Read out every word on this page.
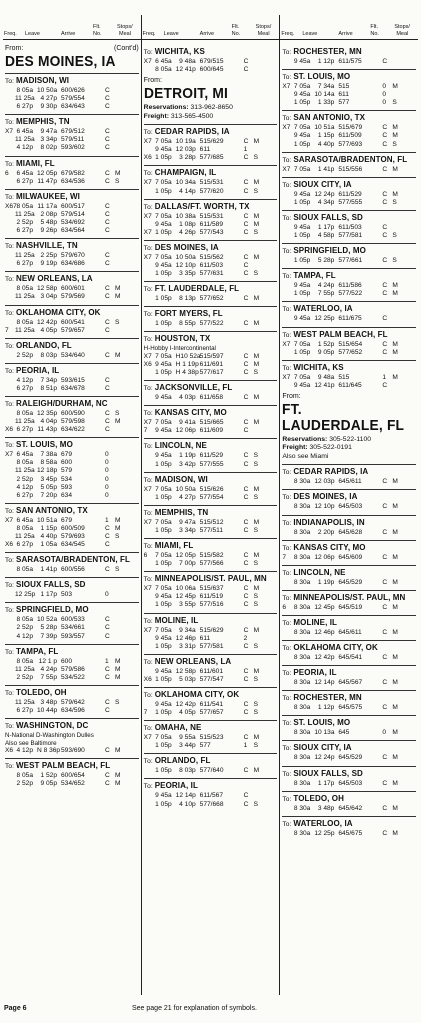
Freq. Leave	Arrive
Flt.
No.
Stops/
Meal
From:	(Cont'd)
DES MOINES, IA
To: MADISON, WI
8 05a 10 50a 600/626	C
11 25a 4 27p 579/554	C
6 27p	9 30p 634/643	C
To: MEMPHIS, TN
X7 6 45a	9 47a 679/512	C
11 25a 3 34p 579/511	C
4 12p	8 02p 593/602	C
To: MIAMI, FL
6 6 45a 12 05p 679/582	C M
6 27p 11 47p 634/536	C S
To: MILWAUKEE, WI
X67 8 05a 11 17a 600/517	C
11 25a 2 08p 579/514	C
2 52p	5 48p 534/692	C
6 27p	9 26p 634/564	C
To: NASHVILLE, TN
11 25a 2 25p 579/670	C
6 27p	9 19p 634/686	C
To: NEW ORLEANS, LA
8 05a 12 58p 600/601	C M
11 25a 3 04p 579/569	C M
To: OKLAHOMA CITY, OK
8 05a 12 42p 600/541	C S
7 11 25a 4 05p 579/657	C
To: ORLANDO, FL
2 52p	8 03p 534/640	C M
To: PEORIA, IL
4 12p	7 34p 593/615	C
6 27p	8 51p 634/678	C
To: RALEIGH/DURHAM, NC
8 05a 12 35p 600/590	C S
11 25a 4 04p 579/598	C M
X6 6 27p 11 43p 634/622	C
To: ST. LOUIS, MO
X7 6 45a	7 38a 679	0
8 05a	8 58a 600	0
11 25a 12 18p 579	0
2 52p	3 45p 534	0
4 12p	5 05p 593	0
6 27p	7 20p 634	0
To: SAN ANTONIO, TX
X7 6 45a 10 51a 679	1 M
8 05a	1 15p 600/509	C M
11 25a 4 40p 579/693	C S
X6 6 27p	1 05a 634/545	C
To: SARASOTA/BRADENTON, FL
8 05a	1 41p 600/556	C S
To: SIOUX FALLS, SD
12 25p 1 17p 503	0
To: SPRINGFIELD, MO
8 05a 10 52a 600/533	C
2 52p	5 28p 534/661	C
4 12p	7 39p 593/557	C
To: TAMPA, FL
8 05a 12 1 p 600	1 M
11 25a 4 24p 579/586	C M
2 52p	7 55p 534/522	C M
To: TOLEDO, OH
11 25a 3 48p 579/642	C S
6 27p 10 44p 634/596	C
To: WASHINGTON, DC
N-National D-Washington Dulles
Also see Baltimore
X6 4 12p N 8 36p 593/690	C M
To: WEST PALM BEACH, FL
8 05a	1 52p 600/654	C M
2 52p	9 05p 534/652	C M
Freq. Leave	Arrive
Flt.
No.
Stops/
Meal
To: WICHITA, KS
X7 6 45a	9 48a 679/515	C
8 05a 12 41p 600/645	C
From:
DETROIT, MI
Reservations: 313-962-8650
Freight: 313-565-4500
To: CEDAR RAPIDS, IA
X7 7 05a 10 19a 515/629	C M
9 45a 12 03p 611	1
X6 1 05p	3 28p 577/685	C S
To: CHAMPAIGN, IL
X7 7 05a 10 34a 515/531	C M
1 05p	4 14p 577/620	C S
To: DALLAS/FT. WORTH, TX
X7 7 05a 10 38a 515/531	C M
9 45a	1 08p 611/589	C M
X7 1 05p	4 26p 577/543	C S
To: DES MOINES, IA
X7 7 05a 10 50a 515/562	C M
9 45a 12 10p 611/503	C
1 05p	3 35p 577/631	C S
To: FT. LAUDERDALE, FL
1 05p	8 13p 577/652	C M
To: FORT MYERS, FL
1 05p	8 55p 577/522	C M
To: HOUSTON, TX
H-Hobby I-Intercontinental
X7 7 05a H10 52a 515/597	C M
X6 9 45a H 1 19p 611/691	C M
1 05p H 4 38p 577/617	C S
To: JACKSONVILLE, FL
9 45a	4 03p 611/658	C M
To: KANSAS CITY, MO
X7 7 05a	9 41a 515/665	C M
7 9 45a 12 06p 611/609	C
To: LINCOLN, NE
9 45a	1 19p 611/529	C S
1 05p	3 42p 577/555	C S
To: MADISON, WI
X7 7 05a 10 50a 515/626	C M
1 05p	4 27p 577/554	C S
To: MEMPHIS, TN
X7 7 05a	9 47a 515/512	C M
1 05p	3 34p 577/511	C S
To: MIAMI, FL
6 7 05a 12 05p 515/582	C M
1 05p	7 00p 577/566	C S
To: MINNEAPOLIS/ST. PAUL, MN
X7 7 05a 10 06a 515/637	C M
9 45a 12 45p 611/519	C S
1 05p	3 55p 577/516	C S
To: MOLINE, IL
X7 7 05a	9 34a 515/629	C M
9 45a 12 46p 611	2
1 05p	3 31p 577/581	C S
To: NEW ORLEANS, LA
9 45a 12 58p 611/601	C M
X6 1 05p	5 03p 577/547	C S
To: OKLAHOMA CITY, OK
9 45a 12 42p 611/541	C S
7 1 05p	4 05p 577/657	C S
To: OMAHA, NE
X7 7 05a	9 55a 515/523	C M
1 05p	3 44p 577	1 S
To: ORLANDO, FL
1 05p	8 03p 577/640	C M
To: PEORIA, IL
9 45a 12 14p 611/567	C
1 05p	4 10p 577/668	C S
Freq. Leave	Arrive
Flt.
No.
Stops/
Meal
To: ROCHESTER, MN
9 45a	1 12p 611/575	C
To: ST. LOUIS, MO
X7 7 05a	7 34a 515	0 M
9 45a 10 14a 611	0
1 05p	1 33p 577	0 S
To: SAN ANTONIO, TX
X7 7 05a 10 51a 515/679	C M
9 45a	1 15p 611/509	C M
1 05p	4 40p 577/693	C S
To: SARASOTA/BRADENTON, FL
X7 7 05a	1 41p 515/556	C M
To: SIOUX CITY, IA
9 45a 12 24p 611/529	C M
1 05p	4 34p 577/555	C S
To: SIOUX FALLS, SD
9 45a	1 17p 611/503	C
1 05p	4 58p 577/581	C S
To: SPRINGFIELD, MO
1 05p	5 28p 577/661	C S
To: TAMPA, FL
9 45a	4 24p 611/586	C M
1 05p	7 55p 577/522	C M
To: WATERLOO, IA
9 45a 12 25p 611/675	C
To: WEST PALM BEACH, FL
X7 7 05a	1 52p 515/654	C M
1 05p	9 05p 577/652	C M
To: WICHITA, KS
X7 7 05a	9 48a 515	1 M
9 45a 12 41p 611/645	C
From:
FT. LAUDERDALE, FL
Reservations: 305-522-1100
Freight: 305-522-0191
Also see Miami
To: CEDAR RAPIDS, IA
8 30a 12 03p 645/611	C M
To: DES MOINES, IA
8 30a 12 10p 645/503	C M
To: INDIANAPOLIS, IN
8 30a	2 20p 645/628	C M
To: KANSAS CITY, MO
7 8 30a 12 06p 645/609	C M
To: LINCOLN, NE
8 30a	1 19p 645/529	C M
To: MINNEAPOLIS/ST. PAUL, MN
6 8 30a 12 45p 645/519	C M
To: MOLINE, IL
8 30a 12 46p 645/611	C M
To: OKLAHOMA CITY, OK
8 30a 12 42p 645/541	C M
To: PEORIA, IL
8 30a 12 14p 645/567	C M
To: ROCHESTER, MN
8 30a	1 12p 645/575	C M
To: ST. LOUIS, MO
8 30a 10 13a 645	0 M
To: SIOUX CITY, IA
8 30a 12 24p 645/529	C M
To: SIOUX FALLS, SD
8 30a	1 17p 645/503	C M
To: TOLEDO, OH
8 30a	3 48p 645/642	C M
To: WATERLOO, IA
8 30a 12 25p 645/675	C M
Page 6	See page 21 for explanation of symbols.
